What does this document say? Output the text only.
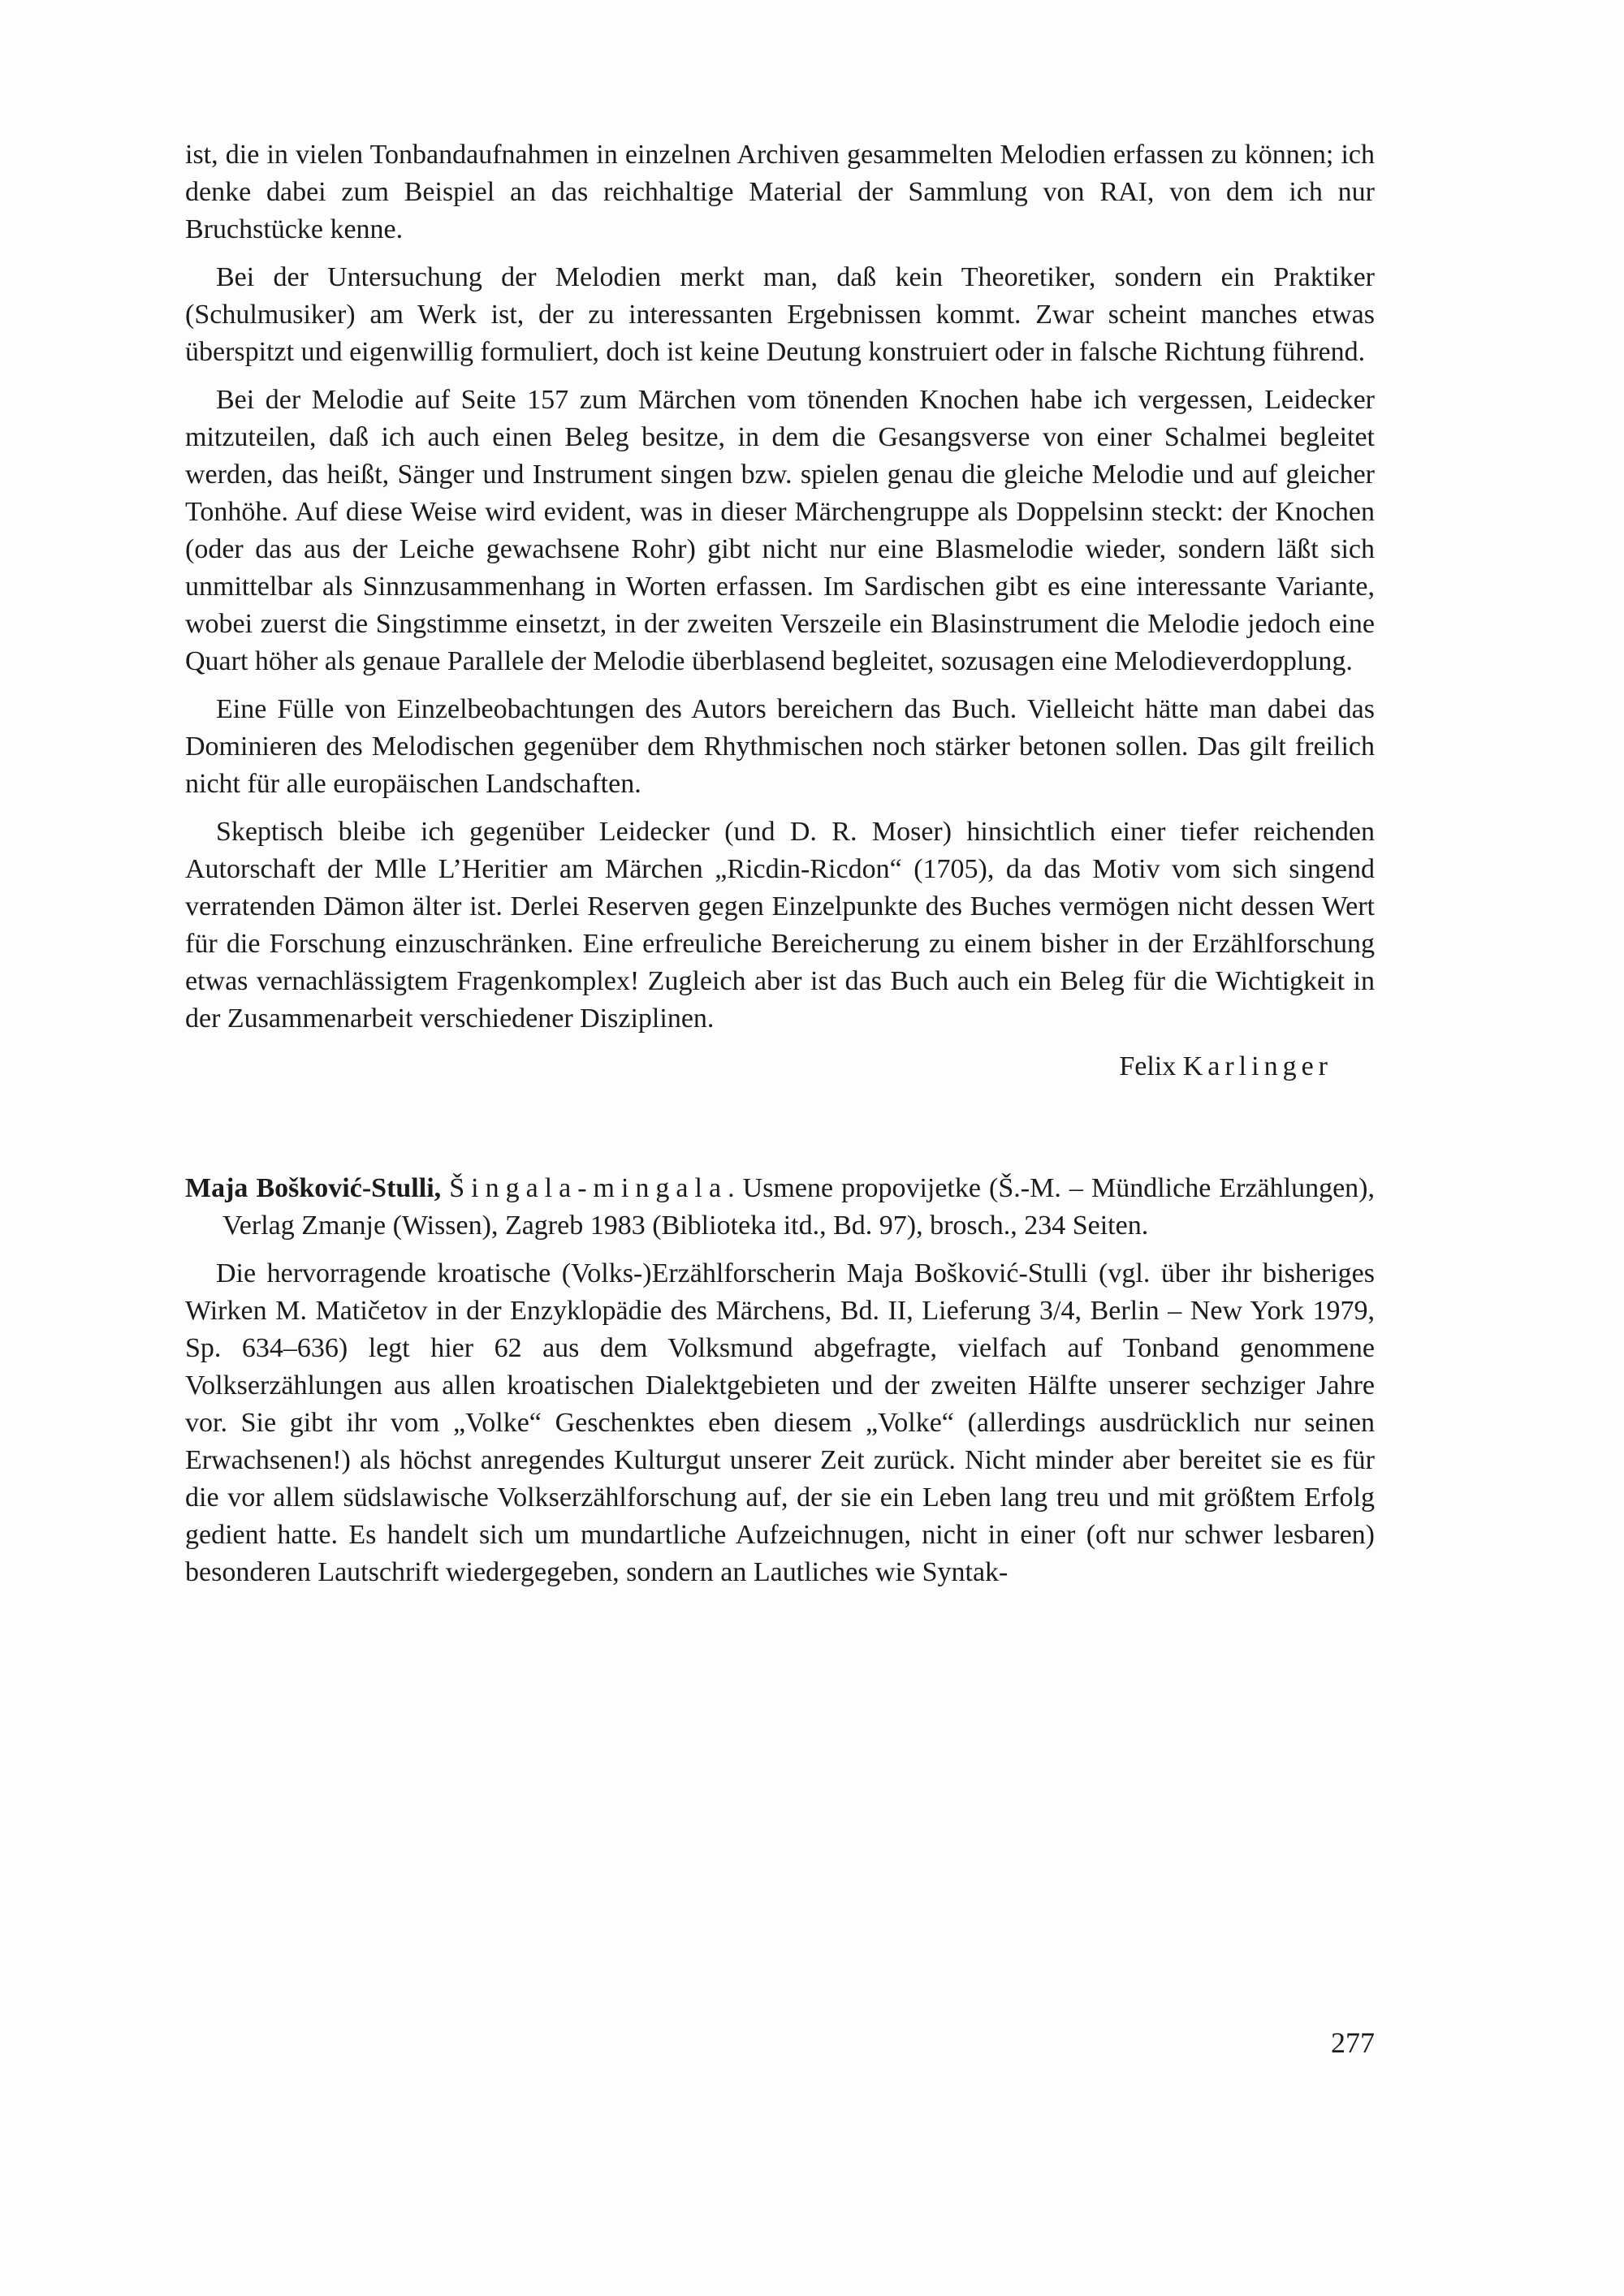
ist, die in vielen Tonbandaufnahmen in einzelnen Archiven gesammelten Melodien erfassen zu können; ich denke dabei zum Beispiel an das reichhaltige Material der Sammlung von RAI, von dem ich nur Bruchstücke kenne.

Bei der Untersuchung der Melodien merkt man, daß kein Theoretiker, sondern ein Praktiker (Schulmusiker) am Werk ist, der zu interessanten Ergebnissen kommt. Zwar scheint manches etwas überspitzt und eigenwillig formuliert, doch ist keine Deutung konstruiert oder in falsche Richtung führend.

Bei der Melodie auf Seite 157 zum Märchen vom tönenden Knochen habe ich vergessen, Leidecker mitzuteilen, daß ich auch einen Beleg besitze, in dem die Gesangsverse von einer Schalmei begleitet werden, das heißt, Sänger und Instrument singen bzw. spielen genau die gleiche Melodie und auf gleicher Tonhöhe. Auf diese Weise wird evident, was in dieser Märchengruppe als Doppelsinn steckt: der Knochen (oder das aus der Leiche gewachsene Rohr) gibt nicht nur eine Blasmelodie wieder, sondern läßt sich unmittelbar als Sinnzusammenhang in Worten erfassen. Im Sardischen gibt es eine interessante Variante, wobei zuerst die Singstimme einsetzt, in der zweiten Verszeile ein Blasinstrument die Melodie jedoch eine Quart höher als genaue Parallele der Melodie überblasend begleitet, sozusagen eine Melodieverdopplung.

Eine Fülle von Einzelbeobachtungen des Autors bereichern das Buch. Vielleicht hätte man dabei das Dominieren des Melodischen gegenüber dem Rhythmischen noch stärker betonen sollen. Das gilt freilich nicht für alle europäischen Landschaften.

Skeptisch bleibe ich gegenüber Leidecker (und D. R. Moser) hinsichtlich einer tiefer reichenden Autorschaft der Mlle L’Heritier am Märchen „Ricdin-Ricdon“ (1705), da das Motiv vom sich singend verratenden Dämon älter ist. Derlei Reserven gegen Einzelpunkte des Buches vermögen nicht dessen Wert für die Forschung einzuschränken. Eine erfreuliche Bereicherung zu einem bisher in der Erzählforschung etwas vernachlässigtem Fragenkomplex! Zugleich aber ist das Buch auch ein Beleg für die Wichtigkeit in der Zusammenarbeit verschiedener Disziplinen.

Felix Karlinger

Maja Bošković-Stulli, Šingala-mingala. Usmene propovijetke (Š.-M. – Mündliche Erzählungen), Verlag Zmanje (Wissen), Zagreb 1983 (Biblioteka itd., Bd. 97), brosch., 234 Seiten.

Die hervorragende kroatische (Volks-)Erzählforscherin Maja Bošković-Stulli (vgl. über ihr bisheriges Wirken M. Matičetov in der Enzyklopädie des Märchens, Bd. II, Lieferung 3/4, Berlin – New York 1979, Sp. 634–636) legt hier 62 aus dem Volksmund abgefragte, vielfach auf Tonband genommene Volkserzählungen aus allen kroatischen Dialektgebieten und der zweiten Hälfte unserer sechziger Jahre vor. Sie gibt ihr vom „Volke“ Geschenktes eben diesem „Volke“ (allerdings ausdrücklich nur seinen Erwachsenen!) als höchst anregendes Kulturgut unserer Zeit zurück. Nicht minder aber bereitet sie es für die vor allem südslawische Volkserzählforschung auf, der sie ein Leben lang treu und mit größtem Erfolg gedient hatte. Es handelt sich um mundartliche Aufzeichnugen, nicht in einer (oft nur schwer lesbaren) besonderen Lautschrift wiedergegeben, sondern an Lautliches wie Syntak-

277
